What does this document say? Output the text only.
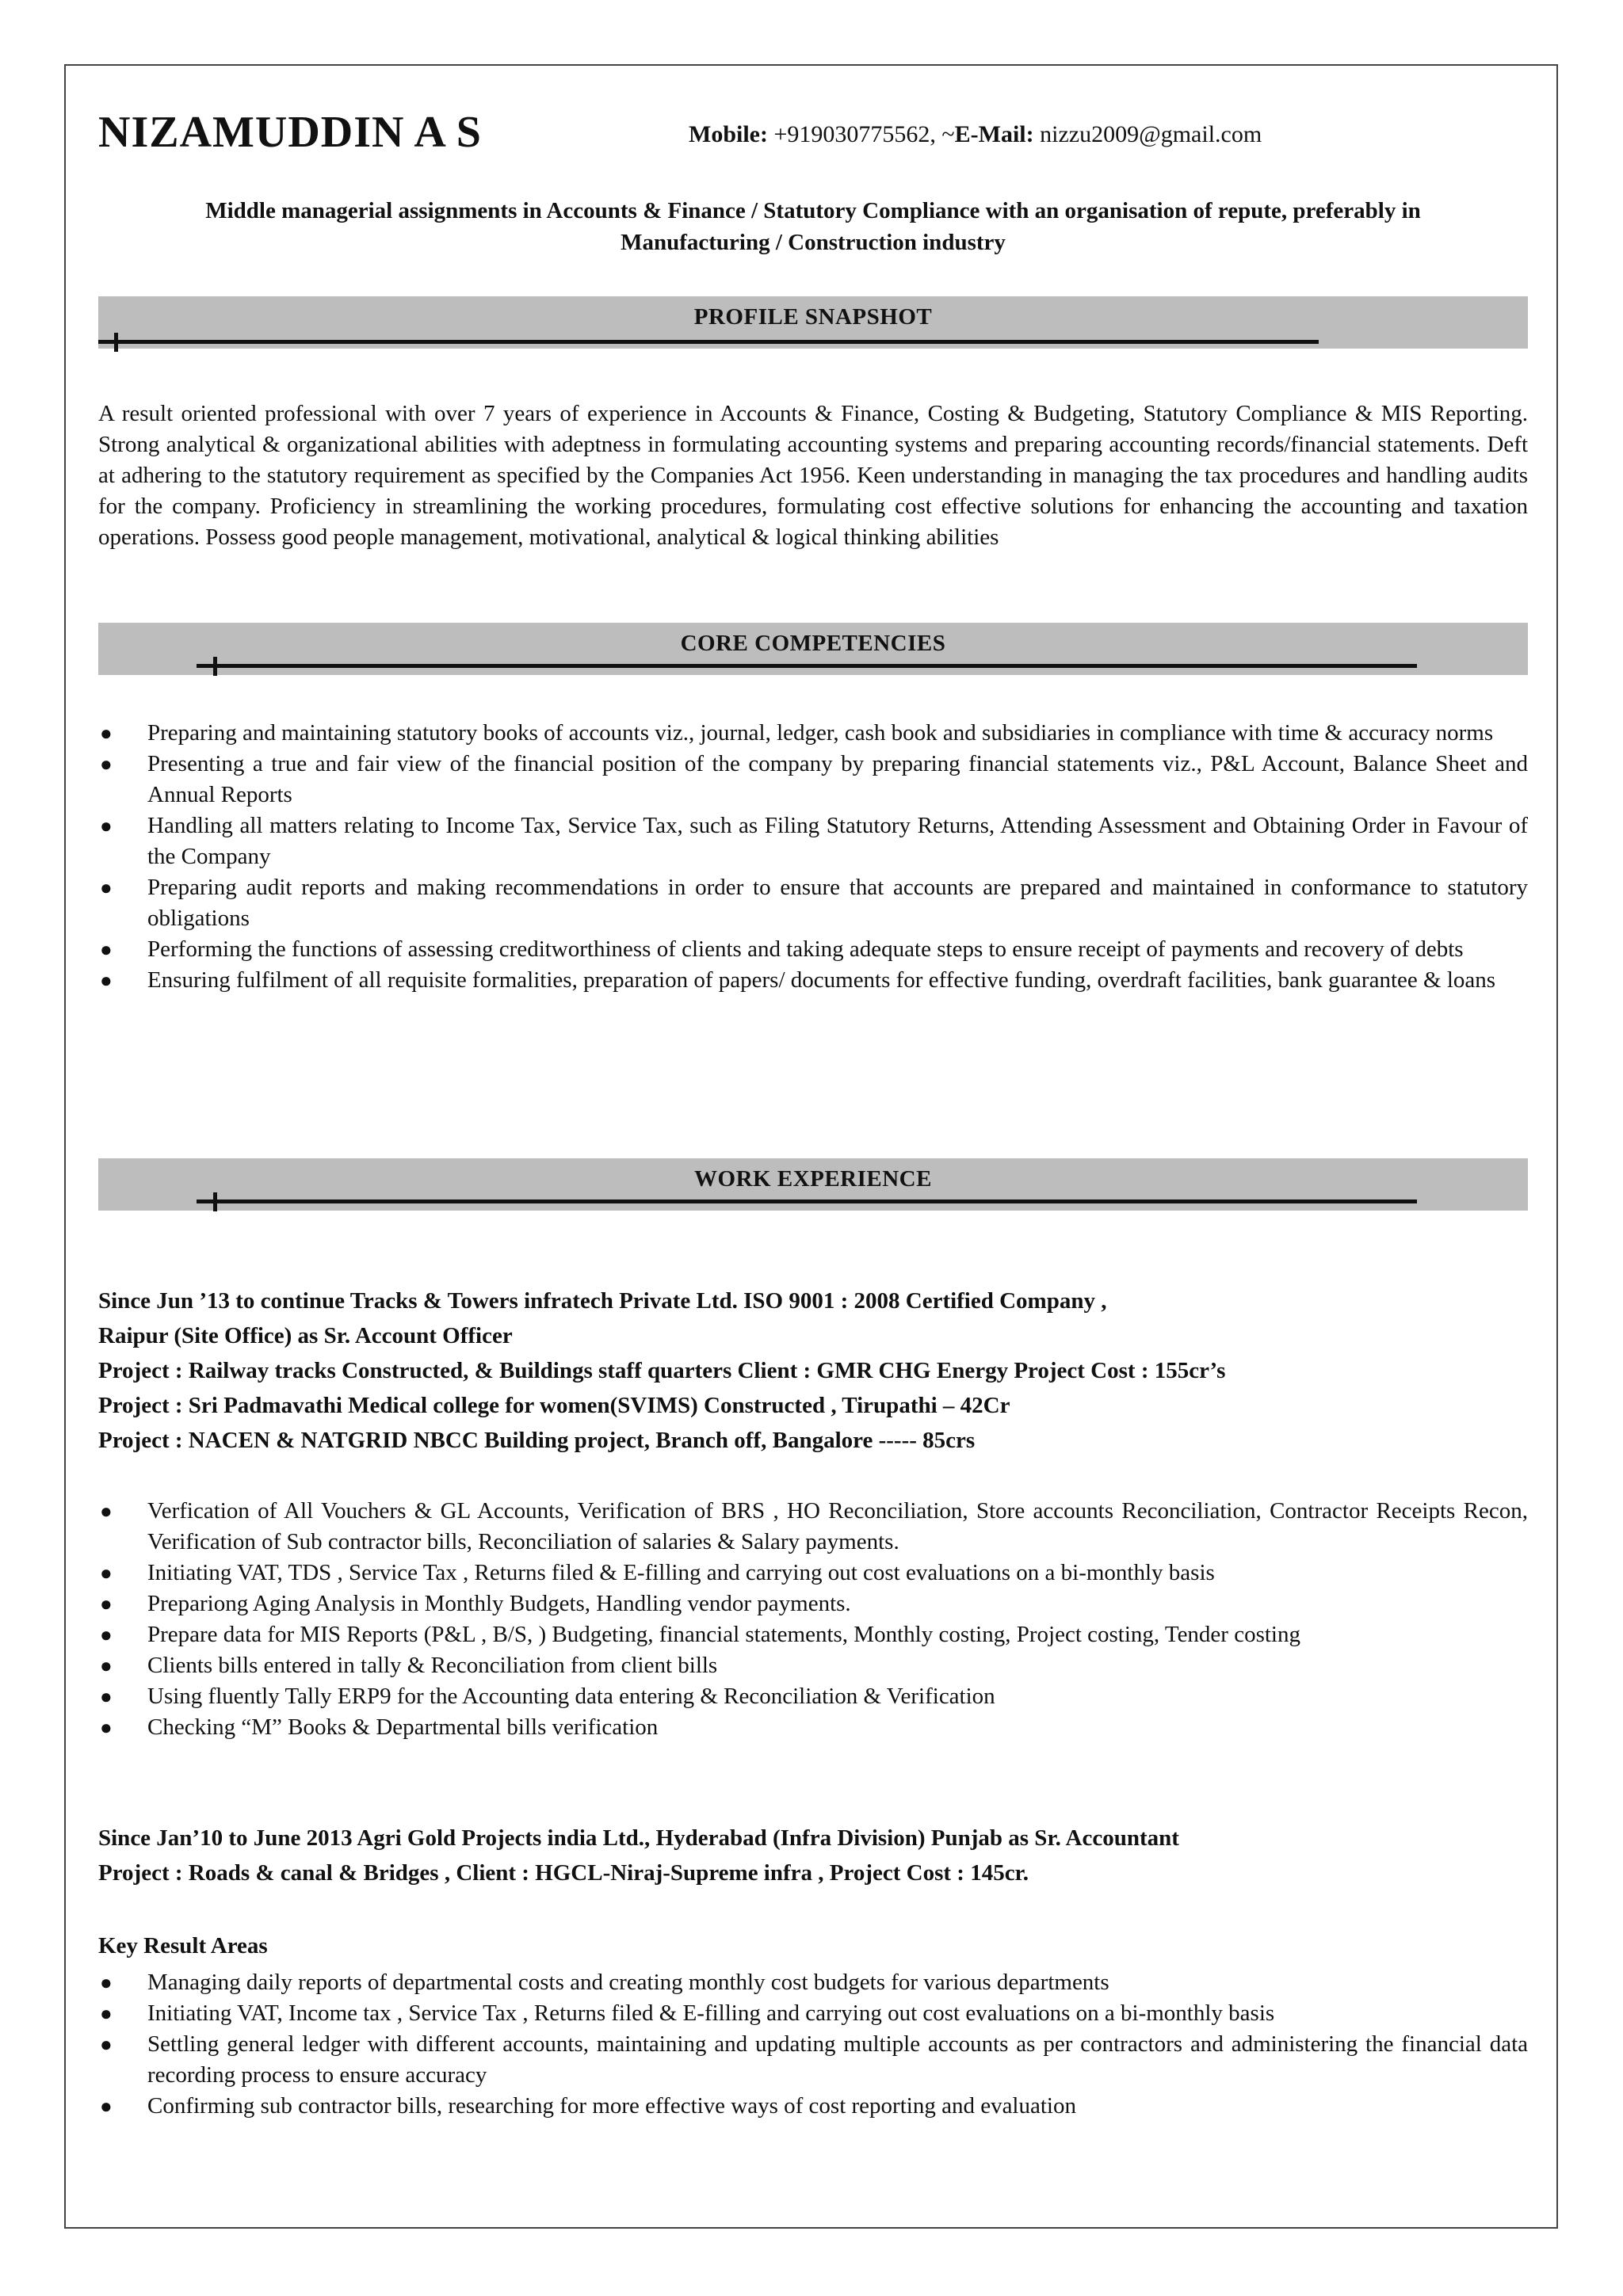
NIZAMUDDIN A S	Mobile: +919030775562, ~E-Mail: nizzu2009@gmail.com
Middle managerial assignments in Accounts & Finance / Statutory Compliance with an organisation of repute, preferably in
Manufacturing / Construction industry
PROFILE SNAPSHOT
A result oriented professional with over 7 years of experience in Accounts & Finance, Costing & Budgeting, Statutory Compliance & MIS Reporting. Strong analytical & organizational abilities with adeptness in formulating accounting systems and preparing accounting records/financial statements. Deft at adhering to the statutory requirement as specified by the Companies Act 1956. Keen understanding in managing the tax procedures and handling audits for the company. Proficiency in streamlining the working procedures, formulating cost effective solutions for enhancing the accounting and taxation operations. Possess good people management, motivational, analytical & logical thinking abilities
CORE COMPETENCIES
● Preparing and maintaining statutory books of accounts viz., journal, ledger, cash book and subsidiaries in compliance with time & accuracy norms
● Presenting a true and fair view of the financial position of the company by preparing financial statements viz., P&L Account, Balance Sheet and Annual Reports
● Handling all matters relating to Income Tax, Service Tax, such as Filing Statutory Returns, Attending Assessment and Obtaining Order in Favour of the Company
● Preparing audit reports and making recommendations in order to ensure that accounts are prepared and maintained in conformance to statutory obligations
● Performing the functions of assessing creditworthiness of clients and taking adequate steps to ensure receipt of payments and recovery of debts
● Ensuring fulfilment of all requisite formalities, preparation of papers/ documents for effective funding, overdraft facilities, bank guarantee & loans
WORK EXPERIENCE
Since Jun ’13 to continue Tracks & Towers infratech Private Ltd. ISO 9001 : 2008 Certified Company ,
Raipur (Site Office) as Sr. Account Officer
Project : Railway tracks Constructed, & Buildings staff quarters Client : GMR CHG Energy Project Cost : 155cr’s
Project : Sri Padmavathi Medical college for women(SVIMS) Constructed , Tirupathi – 42Cr
Project : NACEN & NATGRID NBCC Building project, Branch off, Bangalore ----- 85crs
● Verfication of All Vouchers & GL Accounts, Verification of BRS , HO Reconciliation, Store accounts Reconciliation, Contractor Receipts Recon, Verification of Sub contractor bills, Reconciliation of salaries & Salary payments.
● Initiating VAT, TDS , Service Tax , Returns filed & E-filling and carrying out cost evaluations on a bi-monthly basis
● Prepariong Aging Analysis in Monthly Budgets, Handling vendor payments.
● Prepare data for MIS Reports (P&L , B/S, ) Budgeting, financial statements, Monthly costing, Project costing, Tender costing
● Clients bills entered in tally & Reconciliation from client bills
● Using fluently Tally ERP9 for the Accounting data entering & Reconciliation & Verification
● Checking “M” Books & Departmental bills verification
Since Jan’10 to June 2013 Agri Gold Projects india Ltd., Hyderabad (Infra Division) Punjab as Sr. Accountant
Project : Roads & canal & Bridges , Client : HGCL-Niraj-Supreme infra , Project Cost : 145cr.
Key Result Areas
● Managing daily reports of departmental costs and creating monthly cost budgets for various departments
● Initiating VAT, Income tax , Service Tax , Returns filed & E-filling and carrying out cost evaluations on a bi-monthly basis
● Settling general ledger with different accounts, maintaining and updating multiple accounts as per contractors and administering the financial data recording process to ensure accuracy
● Confirming sub contractor bills, researching for more effective ways of cost reporting and evaluation
